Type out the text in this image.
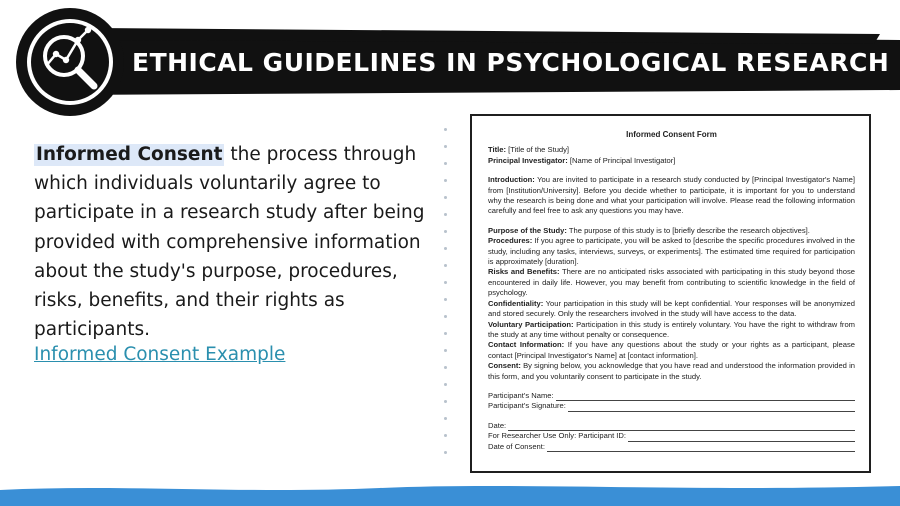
ETHICAL GUIDELINES IN PSYCHOLOGICAL RESEARCH
Informed Consent the process through which individuals voluntarily agree to participate in a research study after being provided with comprehensive information about the study's purpose, procedures, risks, benefits, and their rights as participants.
Informed Consent Example
Informed Consent Form

Title: [Title of the Study]

Principal Investigator: [Name of Principal Investigator]

Introduction: You are invited to participate in a research study conducted by [Principal Investigator's Name] from [Institution/University]. Before you decide whether to participate, it is important for you to understand why the research is being done and what your participation will involve. Please read the following information carefully and feel free to ask any questions you may have.

Purpose of the Study: The purpose of this study is to [briefly describe the research objectives].

Procedures: If you agree to participate, you will be asked to [describe the specific procedures involved in the study, including any tasks, interviews, surveys, or experiments]. The estimated time required for participation is approximately [duration].

Risks and Benefits: There are no anticipated risks associated with participating in this study beyond those encountered in daily life. However, you may benefit from contributing to scientific knowledge in the field of psychology.

Confidentiality: Your participation in this study will be kept confidential. Your responses will be anonymized and stored securely. Only the researchers involved in the study will have access to the data.

Voluntary Participation: Participation in this study is entirely voluntary. You have the right to withdraw from the study at any time without penalty or consequence.

Contact Information: If you have any questions about the study or your rights as a participant, please contact [Principal Investigator's Name] at [contact information].

Consent: By signing below, you acknowledge that you have read and understood the information provided in this form, and you voluntarily consent to participate in the study.

Participant's Name:
Participant's Signature:
Date:
For Researcher Use Only: Participant ID:
Date of Consent:
